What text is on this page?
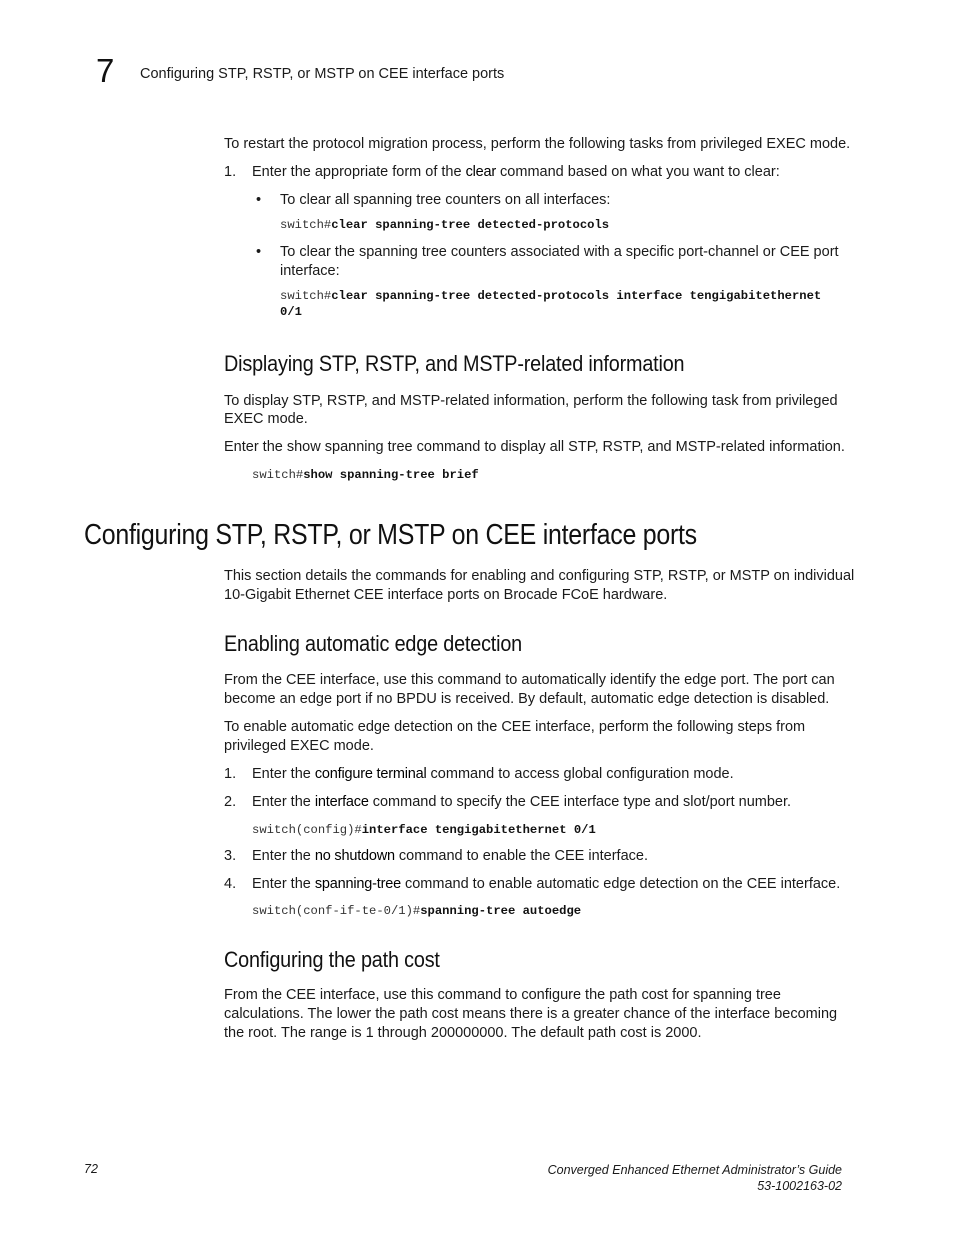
7 Configuring STP, RSTP, or MSTP on CEE interface ports
To restart the protocol migration process, perform the following tasks from privileged EXEC mode.
1. Enter the appropriate form of the clear command based on what you want to clear:
• To clear all spanning tree counters on all interfaces:
switch#clear spanning-tree detected-protocols
• To clear the spanning tree counters associated with a specific port-channel or CEE port
interface:
switch#clear spanning-tree detected-protocols interface tengigabitethernet
0/1
Displaying STP, RSTP, and MSTP-related information
To display STP, RSTP, and MSTP-related information, perform the following task from privileged
EXEC mode.
Enter the show spanning tree command to display all STP, RSTP, and MSTP-related information.
switch#show spanning-tree brief
Configuring STP, RSTP, or MSTP on CEE interface ports
This section details the commands for enabling and configuring STP, RSTP, or MSTP on individual
10-Gigabit Ethernet CEE interface ports on Brocade FCoE hardware.
Enabling automatic edge detection
From the CEE interface, use this command to automatically identify the edge port. The port can
become an edge port if no BPDU is received. By default, automatic edge detection is disabled.
To enable automatic edge detection on the CEE interface, perform the following steps from
privileged EXEC mode.
1. Enter the configure terminal command to access global configuration mode.
2. Enter the interface command to specify the CEE interface type and slot/port number.
switch(config)#interface tengigabitethernet 0/1
3. Enter the no shutdown command to enable the CEE interface.
4. Enter the spanning-tree command to enable automatic edge detection on the CEE interface.
switch(conf-if-te-0/1)#spanning-tree autoedge
Configuring the path cost
From the CEE interface, use this command to configure the path cost for spanning tree
calculations. The lower the path cost means there is a greater chance of the interface becoming
the root. The range is 1 through 200000000. The default path cost is 2000.
72	Converged Enhanced Ethernet Administrator’s Guide
53-1002163-02
